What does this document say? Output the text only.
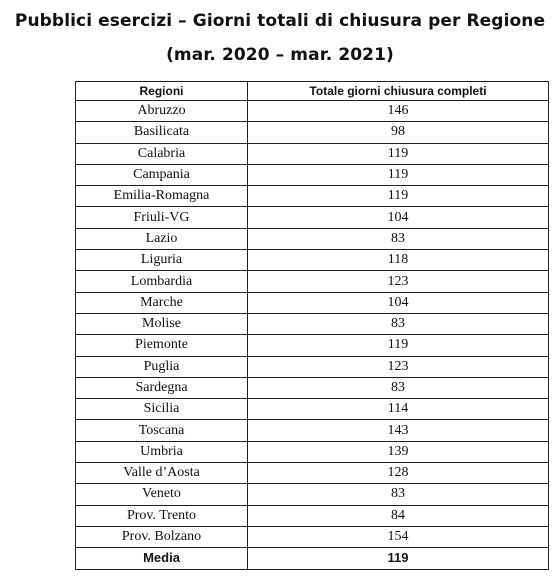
Pubblici esercizi – Giorni totali di chiusura per Regione
(mar. 2020 – mar. 2021)
Regioni	Totale giorni chiusura completi
Abruzzo	146
Basilicata	98
Calabria	119
Campania	119
Emilia-Romagna	119
Friuli-VG	104
Lazio	83
Liguria	118
Lombardia	123
Marche	104
Molise	83
Piemonte	119
Puglia	123
Sardegna	83
Sicilia	114
Toscana	143
Umbria	139
Valle d’Aosta	128
Veneto	83
Prov. Trento	84
Prov. Bolzano	154
Media	119
